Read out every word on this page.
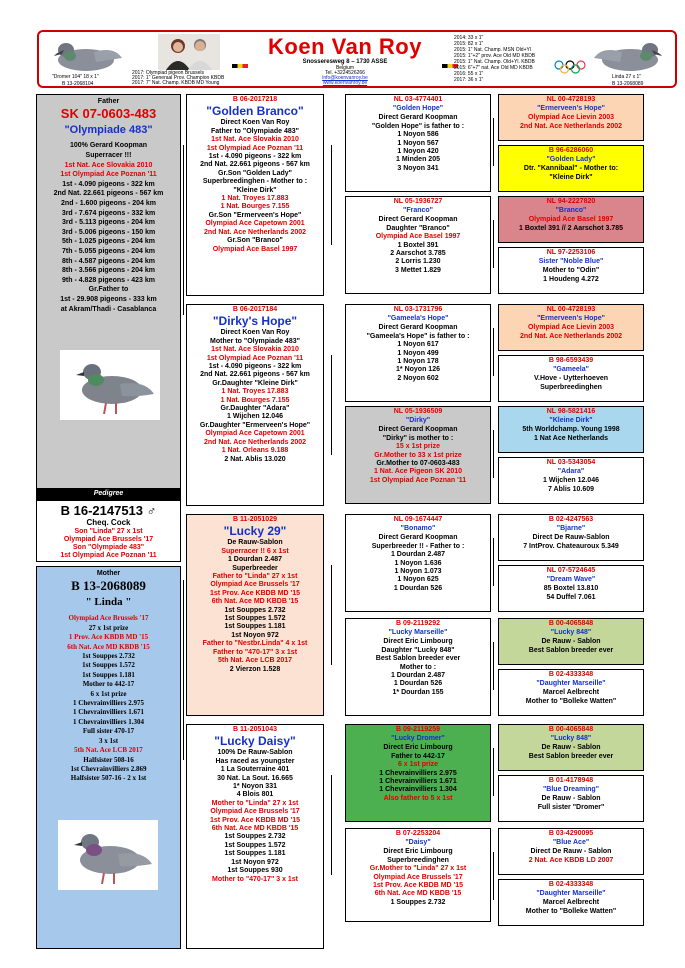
"Dromer 104" 18 x 1"
B 13-2068104
2017: Olympiad pigeon Brussels
2017: 1" Generaal Prov. Champion KBDB
2017: 7" Nat. Champ. KBDB MD Young
Koen Van Roy
Snosseresweg 8 – 1730 ASSE
Belgium
Tel. +3224526266
info@koenvanroy.be
www.koenvanroy.be
2014: 33 x 1"
2015: 82 x 1"
2015: 1" Nat. Champ. MSN Old+Yl
2015: 1"+2" prov. Ace Old MD KBDB
2015: 1" Nat. Champ. Old+Yl. KBDB
2015: 6"+7" nat. Ace Old MD KBDB
2016: 55 x 1"
2017: 36 x 1"	Linda 27 x 1"
B 13-2068089
Father
SK 07-0603-483
"Olympiade 483"
100% Gerard Koopman
Superracer !!!
1st Nat. Ace Slovakia 2010
1st Olympiad Ace Poznan '11
1st - 4.090 pigeons - 322 km
2nd Nat. 22.661 pigeons - 567 km
2nd - 1.600 pigeons - 204 km
3rd - 7.674 pigeons - 332 km
3rd - 5.113 pigeons - 204 km
3rd - 5.006 pigeons - 150 km
5th - 1.025 pigeons - 204 km
7th - 5.055 pigeons - 204 km
8th - 4.587 pigeons - 204 km
8th - 3.566 pigeons - 204 km
9th - 4.828 pigeons - 423 km
Gr.Father to
1st - 29.908 pigeons - 333 km
at Akram/Thadi - Casablanca
Pedigree
B 16-2147513 ♂
Cheq. Cock
Son "Linda" 27 x 1st
Olympiad Ace Brussels '17
Son "Olympiade 483"
1st Olympiad Ace Poznan '11
Mother
B 13-2068089
" Linda "
Olympiad Ace Brussels '17
27 x 1st prize
1 Prov. Ace KBDB MD '15
6th Nat. Ace MD KBDB '15
1st Souppes 2.732
1st Souppes 1.572
1st Souppes 1.181
Mother to 442-17
6 x 1st prize
1 Chevrainvilliers 2.975
1 Chevrainvilliers 1.671
1 Chevrainvilliers 1.304
Full sister 470-17
3 x 1st
5th Nat. Ace LCB 2017
Halfsister 508-16
1st Chevrainvilliers 2.869
Halfsister 507-16 - 2 x 1st
B 06-2017218
"Golden Branco"
Direct Koen Van Roy
Father to "Olympiade 483"
1st Nat. Ace Slovakia 2010
1st Olympiad Ace Poznan '11
1st - 4.090 pigeons - 322 km
2nd Nat. 22.661 pigeons - 567 km
Gr.Son "Golden Lady"
Superbreedinghen - Mother to :
"Kleine Dirk"
1 Nat. Troyes 17.883
1 Nat. Bourges 7.155
Gr.Son "Ermerveen's Hope"
Olympiad Ace Capetown 2001
2nd Nat. Ace Netherlands 2002
Gr.Son "Branco"
Olympiad Ace Basel 1997
B 06-2017184
"Dirky's Hope"
Direct Koen Van Roy
Mother to "Olympiade 483"
1st Nat. Ace Slovakia 2010
1st Olympiad Ace Poznan '11
1st - 4.090 pigeons - 322 km
2nd Nat. 22.661 pigeons - 567 km
Gr.Daughter "Kleine Dirk"
1 Nat. Troyes 17.883
1 Nat. Bourges 7.155
Gr.Daughter "Adara"
1 Wijchen 12.046
Gr.Daughter "Ermerveen's Hope"
Olympiad Ace Capetown 2001
2nd Nat. Ace Netherlands 2002
1 Nat. Orleans 9.188
2 Nat. Ablis 13.020
B 11-2051029
"Lucky 29"
De Rauw-Sablon
Superracer !! 6 x 1st
1 Dourdan 2.487
Superbreeder
Father to "Linda" 27 x 1st
Olympiad Ace Brussels '17
1st Prov. Ace KBDB MD '15
6th Nat. Ace MD KBDB '15
1st Souppes 2.732
1st Souppes 1.572
1st Souppes 1.181
1st Noyon 972
Father to "Nestbr.Linda" 4 x 1st
Father to "470-17" 3 x 1st
5th Nat. Ace LCB 2017
2 Vierzon 1.528
B 11-2051043
"Lucky Daisy"
100% De Rauw-Sablon
Has raced as youngster
1 La Souterraine 401
30 Nat. La Sout. 16.665
1* Noyon 331
4 Blois 801
Mother to "Linda" 27 x 1st
Olympiad Ace Brussels '17
1st Prov. Ace KBDB MD '15
6th Nat. Ace MD KBDB '15
1st Souppes 2.732
1st Souppes 1.572
1st Souppes 1.181
1st Noyon 972
1st Souppes 930
Mother to "470-17" 3 x 1st
NL 03-4774401
"Golden Hope"
Direct Gerard Koopman
"Golden Hope" is father to :
1 Noyon 586
1 Noyon 567
1 Noyon 420
1 Minden 205
3 Noyon 341
NL 05-1936727
"Franco"
Direct Gerard Koopman
Daughter "Branco"
Olympiad Ace Basel 1997
1 Boxtel 391
2 Aarschot 3.785
2 Lorris 1.230
3 Mettet 1.829
NL 03-1731796
"Gameela's Hope"
Direct Gerard Koopman
"Gameela's Hope" is father to :
1 Noyon 617
1 Noyon 499
1 Noyon 178
1* Noyon 126
2 Noyon 602
NL 05-1936509
"Dirky"
Direct Gerard Koopman
"Dirky" is mother to :
15 x 1st prize
Gr.Mother to 33 x 1st prize
Gr.Mother to 07-0603-483
1 Nat. Ace Pigeon SK 2010
1st Olympiad Ace Poznan '11
NL 09-1674447
"Bonamo"
Direct Gerard Koopman
Superbreeder !! - Father to :
1 Dourdan 2.487
1 Noyon 1.636
1 Noyon 1.073
1 Noyon 625
1 Dourdan 526
B 09-2119292
"Lucky Marseille"
Direct Eric Limbourg
Daughter "Lucky 848"
Best Sablon breeder ever
Mother to :
1 Dourdan 2.487
1 Dourdan 526
1* Dourdan 155
B 09-2119259
"Lucky Dromer"
Direct Eric Limbourg
Father to 442-17
6 x 1st prize
1 Chevrainvilliers 2.975
1 Chevrainvilliers 1.671
1 Chevrainvilliers 1.304
Also father to 5 x 1st
B 07-2253204
"Daisy"
Direct Eric Limbourg
Superbreedinghen
Gr.Mother to "Linda" 27 x 1st
Olympiad Ace Brussels '17
1st Prov. Ace KBDB MD '15
6th Nat. Ace MD KBDB '15
1 Souppes 2.732
NL 00-4728193
"Ermerveen's Hope"
Olympiad Ace Lievin 2003
2nd Nat. Ace Netherlands 2002
B 96-6286060
"Golden Lady"
Dtr. "Kannibaal" - Mother to:
"Kleine Dirk"
NL 94-2227820
"Branco"
Olympiad Ace Basel 1997
1 Boxtel 391 // 2 Aarschot 3.785
NL 97-2253106
Sister "Noble Blue"
Mother to "Odin"
1 Houdeng 4.272
NL 00-4728193
"Ermerveen's Hope"
Olympiad Ace Lievin 2003
2nd Nat. Ace Netherlands 2002
B 98-6593439
"Gameela"
V.Hove - Uytterhoeven
Superbreedinghen
NL 98-5821416
"Kleine Dirk"
5th Worldchamp. Young 1998
1 Nat Ace Netherlands
NL 03-5343054
"Adara"
1 Wijchen 12.046
7 Ablis 10.609
B 02-4247563
"Bjarne"
Direct De Rauw-Sablon
7 IntProv. Chateauroux 5.349
NL 07-5724645
"Dream Wave"
85 Boxtel 13.810
54 Duffel 7.061
B 00-4065848
"Lucky 848"
De Rauw - Sablon
Best Sablon breeder ever
B 02-4333348
"Daughter Marseille"
Marcel Aelbrecht
Mother to "Bolleke Watten"
B 00-4065848
"Lucky 848"
De Rauw - Sablon
Best Sablon breeder ever
B 01-4178948
"Blue Dreaming"
De Rauw - Sablon
Full sister "Dromer"
B 03-4290095
"Blue Ace"
Direct De Rauw - Sablon
2 Nat. Ace KBDB LD 2007
B 02-4333348
"Daughter Marseille"
Marcel Aelbrecht
Mother to "Bolleke Watten"
